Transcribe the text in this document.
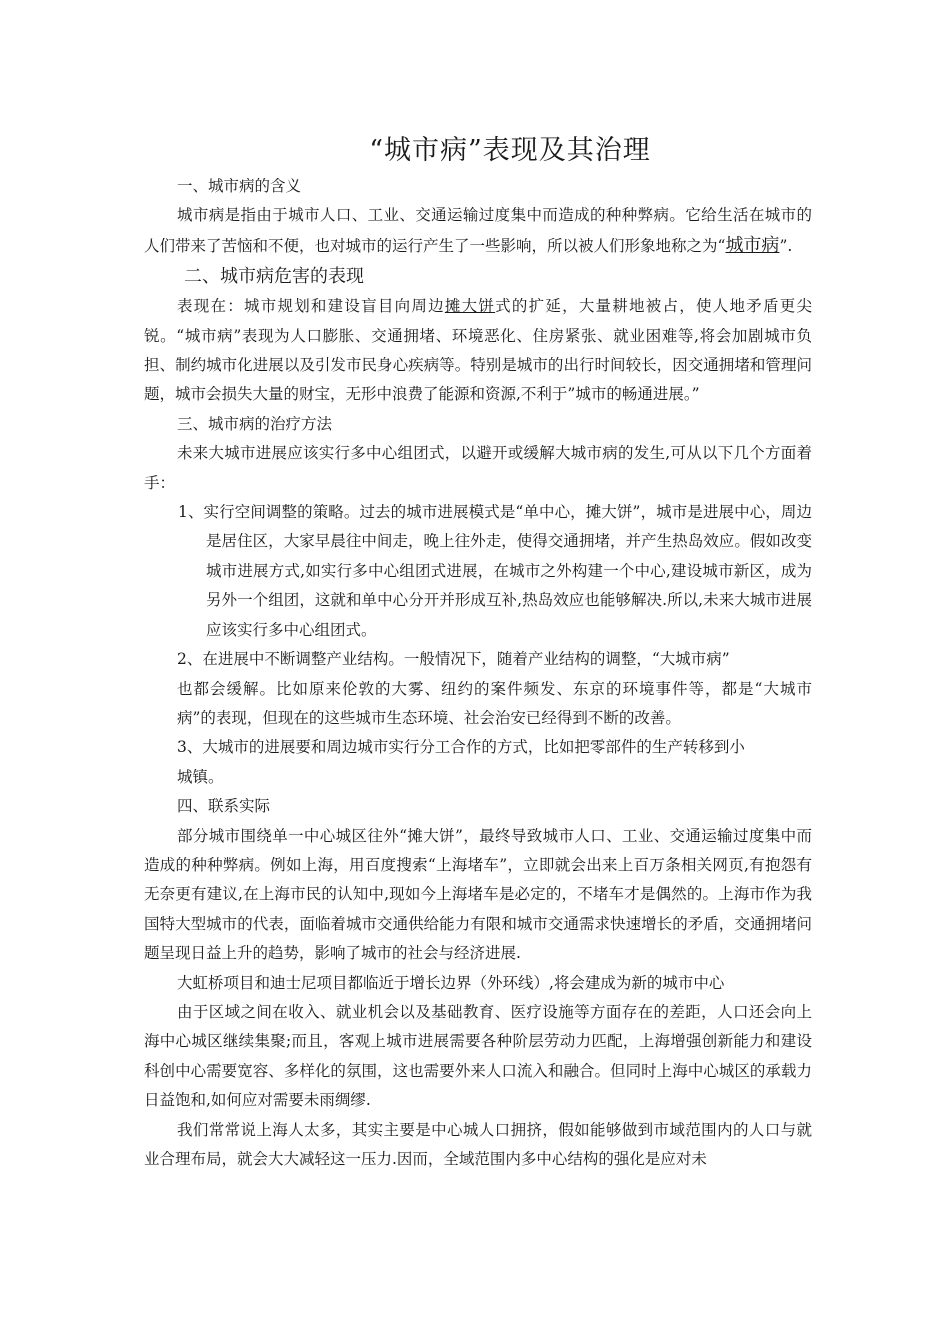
“城市病”表现及其治理

一、城市病的含义

城市病是指由于城市人口、工业、交通运输过度集中而造成的种种弊病。它给生活在城市的人们带来了苦恼和不便，也对城市的运行产生了一些影响，所以被人们形象地称之为“城市病”.

二、城市病危害的表现

表现在：城市规划和建设盲目向周边摊大饼式的扩延，大量耕地被占，使人地矛盾更尖锐。“城市病”表现为人口膨胀、交通拥堵、环境恶化、住房紧张、就业困难等,将会加剧城市负担、制约城市化进展以及引发市民身心疾病等。特别是城市的出行时间较长，因交通拥堵和管理问题，城市会损失大量的财宝，无形中浪费了能源和资源,不利于”城市的畅通进展。”

三、城市病的治疗方法

未来大城市进展应该实行多中心组团式，以避开或缓解大城市病的发生,可从以下几个方面着手：

1、实行空间调整的策略。过去的城市进展模式是“单中心，摊大饼”，城市是进展中心，周边是居住区，大家早晨往中间走，晚上往外走，使得交通拥堵，并产生热岛效应。假如改变城市进展方式,如实行多中心组团式进展，在城市之外构建一个中心,建设城市新区，成为另外一个组团，这就和单中心分开并形成互补,热岛效应也能够解决.所以,未来大城市进展应该实行多中心组团式。

2、在进展中不断调整产业结构。一般情况下，随着产业结构的调整，“大城市病”
也都会缓解。比如原来伦敦的大雾、纽约的案件频发、东京的环境事件等，都是“大城市病”的表现，但现在的这些城市生态环境、社会治安已经得到不断的改善。

3、大城市的进展要和周边城市实行分工合作的方式，比如把零部件的生产转移到小
城镇。

四、联系实际

部分城市围绕单一中心城区往外“摊大饼”，最终导致城市人口、工业、交通运输过度集中而造成的种种弊病。例如上海，用百度搜索“上海堵车”，立即就会出来上百万条相关网页,有抱怨有无奈更有建议,在上海市民的认知中,现如今上海堵车是必定的，不堵车才是偶然的。上海市作为我国特大型城市的代表，面临着城市交通供给能力有限和城市交通需求快速增长的矛盾，交通拥堵问题呈现日益上升的趋势，影响了城市的社会与经济进展.

大虹桥项目和迪士尼项目都临近于增长边界（外环线）,将会建成为新的城市中心

由于区域之间在收入、就业机会以及基础教育、医疗设施等方面存在的差距，人口还会向上海中心城区继续集聚;而且，客观上城市进展需要各种阶层劳动力匹配，上海增强创新能力和建设科创中心需要宽容、多样化的氛围，这也需要外来人口流入和融合。但同时上海中心城区的承载力日益饱和,如何应对需要未雨绸缪.

我们常常说上海人太多，其实主要是中心城人口拥挤，假如能够做到市域范围内的人口与就业合理布局，就会大大减轻这一压力.因而，全域范围内多中心结构的强化是应对未
